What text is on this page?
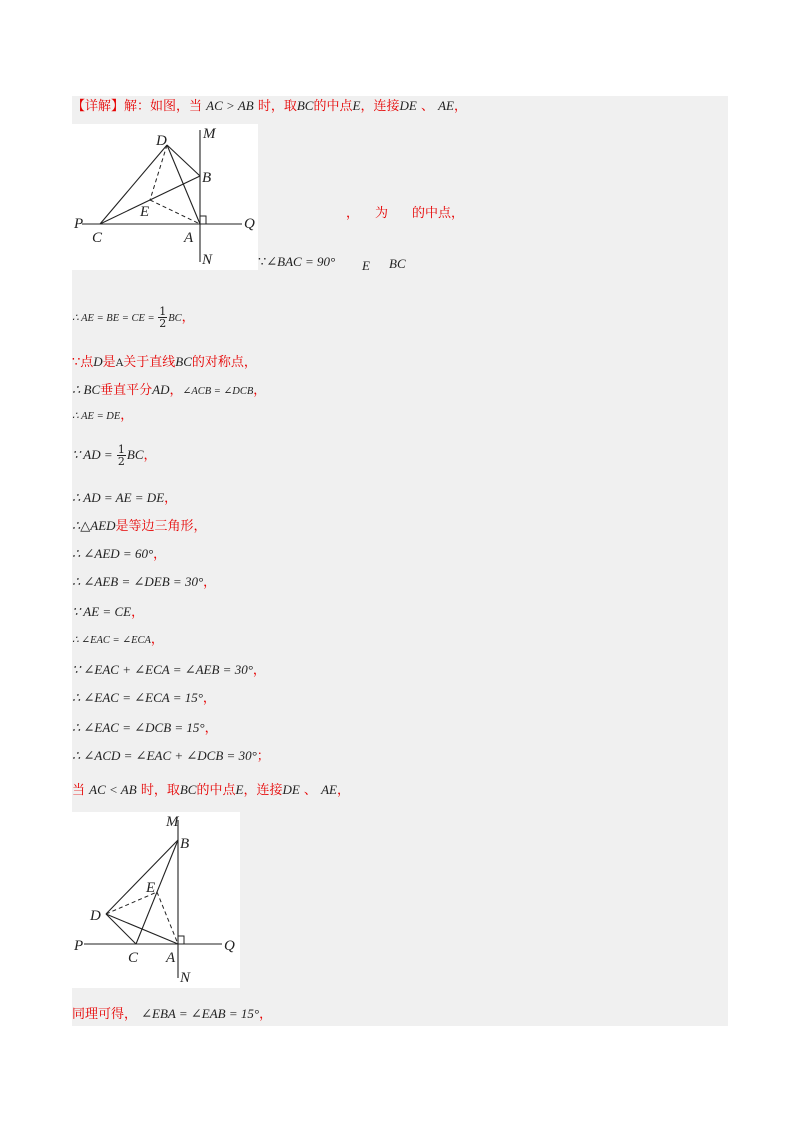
【详解】解：如图，当 AC > AB 时，取BC的中点E，连接DE 、 AE，
M
D
B
E
P
C	A
Q
N
， 为 的中点，
∵∠BAC = 90° E BC
∴ AE = BE = CE = $\frac{1}{2}$ BC，
∵点D是A关于直线BC的对称点，
∴ BC垂直平分AD，∠ACB = ∠DCB，
∴ AE = DE，
∵ AD = $\frac{1}{2}$ BC，
∴ AD = AE = DE，
∴△AED是等边三角形，
∴ ∠AED = 60°，
∴ ∠AEB = ∠DEB = 30°，
∵ AE = CE，
∴ ∠EAC = ∠ECA，
∵ ∠EAC + ∠ECA = ∠AEB = 30°，
∴ ∠EAC = ∠ECA = 15°，
∴ ∠EAC = ∠DCB = 15°，
∴ ∠ACD = ∠EAC + ∠DCB = 30°；
当 AC < AB 时，取BC的中点E，连接DE 、 AE，
M
B
E
D
P
C A
Q
N
同理可得， ∠EBA = ∠EAB = 15°，
